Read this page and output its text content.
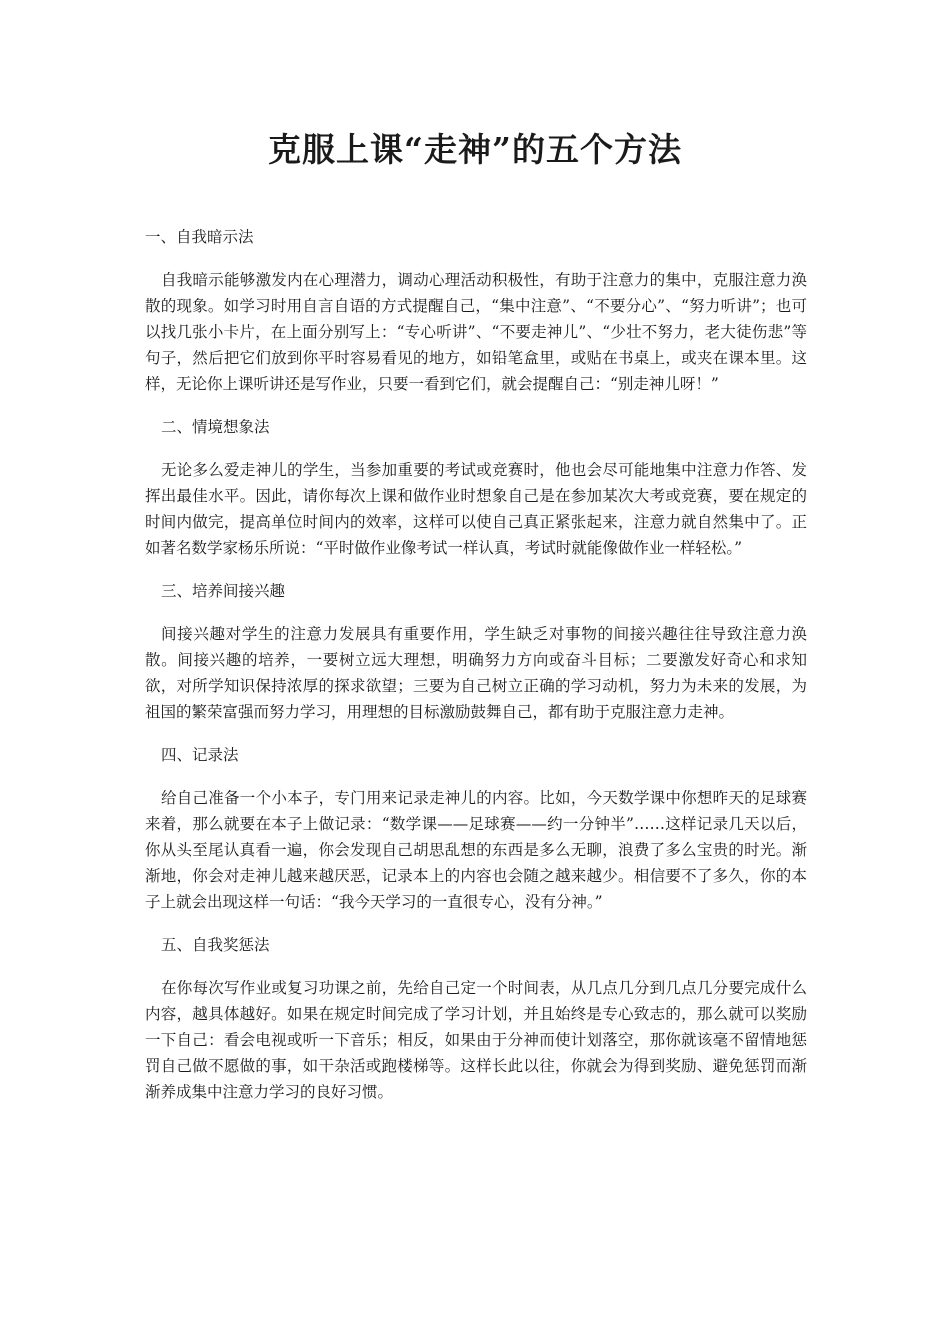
克服上课“走神”的五个方法

一、自我暗示法

自我暗示能够激发内在心理潜力，调动心理活动积极性，有助于注意力的集中，克服注意力涣散的现象。如学习时用自言自语的方式提醒自己，“集中注意”、“不要分心”、“努力听讲”；也可以找几张小卡片，在上面分别写上：“专心听讲”、“不要走神儿”、“少壮不努力，老大徒伤悲”等句子，然后把它们放到你平时容易看见的地方，如铅笔盒里，或贴在书桌上，或夹在课本里。这样，无论你上课听讲还是写作业，只要一看到它们，就会提醒自己：“别走神儿呀！”

二、情境想象法

无论多么爱走神儿的学生，当参加重要的考试或竞赛时，他也会尽可能地集中注意力作答、发挥出最佳水平。因此，请你每次上课和做作业时想象自己是在参加某次大考或竞赛，要在规定的时间内做完，提高单位时间内的效率，这样可以使自己真正紧张起来，注意力就自然集中了。正如著名数学家杨乐所说：“平时做作业像考试一样认真，考试时就能像做作业一样轻松。”

三、培养间接兴趣

间接兴趣对学生的注意力发展具有重要作用，学生缺乏对事物的间接兴趣往往导致注意力涣散。间接兴趣的培养，一要树立远大理想，明确努力方向或奋斗目标；二要激发好奇心和求知欲，对所学知识保持浓厚的探求欲望；三要为自己树立正确的学习动机，努力为未来的发展，为祖国的繁荣富强而努力学习，用理想的目标激励鼓舞自己，都有助于克服注意力走神。

四、记录法

给自己准备一个小本子，专门用来记录走神儿的内容。比如，今天数学课中你想昨天的足球赛来着，那么就要在本子上做记录：“数学课——足球赛——约一分钟半”……这样记录几天以后，你从头至尾认真看一遍，你会发现自己胡思乱想的东西是多么无聊，浪费了多么宝贵的时光。渐渐地，你会对走神儿越来越厌恶，记录本上的内容也会随之越来越少。相信要不了多久，你的本子上就会出现这样一句话：“我今天学习的一直很专心，没有分神。”

五、自我奖惩法

在你每次写作业或复习功课之前，先给自己定一个时间表，从几点几分到几点几分要完成什么内容，越具体越好。如果在规定时间完成了学习计划，并且始终是专心致志的，那么就可以奖励一下自己：看会电视或听一下音乐；相反，如果由于分神而使计划落空，那你就该毫不留情地惩罚自己做不愿做的事，如干杂活或跑楼梯等。这样长此以往，你就会为得到奖励、避免惩罚而渐渐养成集中注意力学习的良好习惯。
